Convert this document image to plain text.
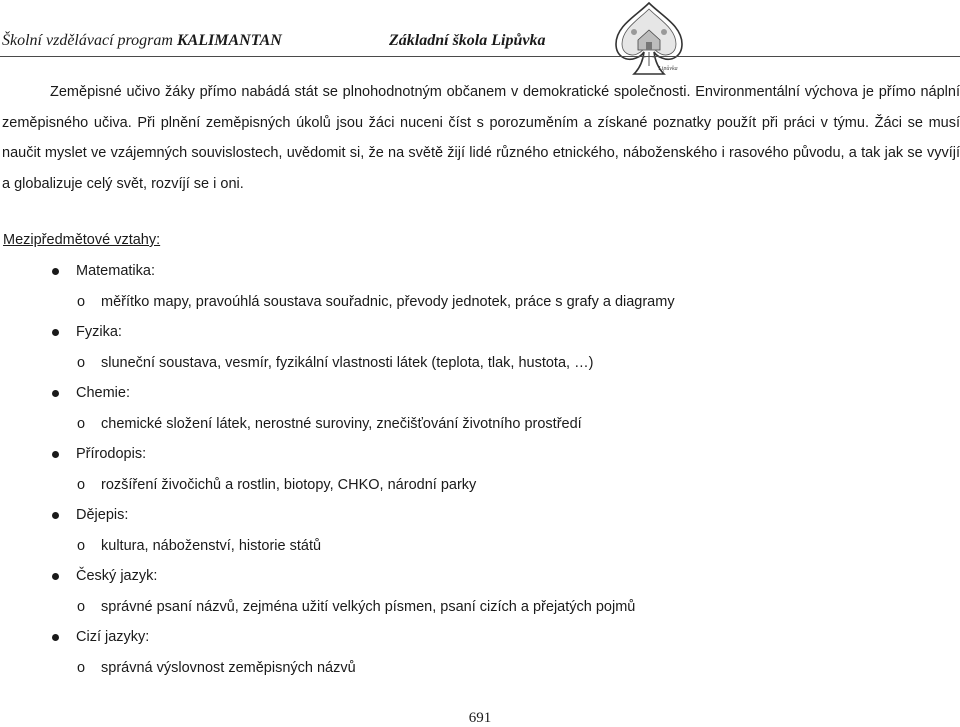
Školní vzdělávací program KALIMANTAN	Základní škola Lipůvka
Lipůvka

Zeměpisné učivo žáky přímo nabádá stát se plnohodnotným občanem v demokratické společnosti. Environmentální výchova je přímo náplní zeměpisného učiva. Při plnění zeměpisných úkolů jsou žáci nuceni číst s porozuměním a získané poznatky použít při práci v týmu. Žáci se musí naučit myslet ve vzájemných souvislostech, uvědomit si, že na světě žijí lidé různého etnického, náboženského i rasového původu, a tak jak se vyvíjí a globalizuje celý svět, rozvíjí se i oni.

Mezipředmětové vztahy:

Matematika:
o měřítko mapy, pravoúhlá soustava souřadnic, převody jednotek, práce s grafy a diagramy
Fyzika:
o sluneční soustava, vesmír, fyzikální vlastnosti látek (teplota, tlak, hustota, …)
Chemie:
o chemické složení látek, nerostné suroviny, znečišťování životního prostředí
Přírodopis:
o rozšíření živočichů a rostlin, biotopy, CHKO, národní parky
Dějepis:
o kultura, náboženství, historie států
Český jazyk:
o správné psaní názvů, zejména užití velkých písmen, psaní cizích a přejatých pojmů
Cizí jazyky:
o správná výslovnost zeměpisných názvů
691
